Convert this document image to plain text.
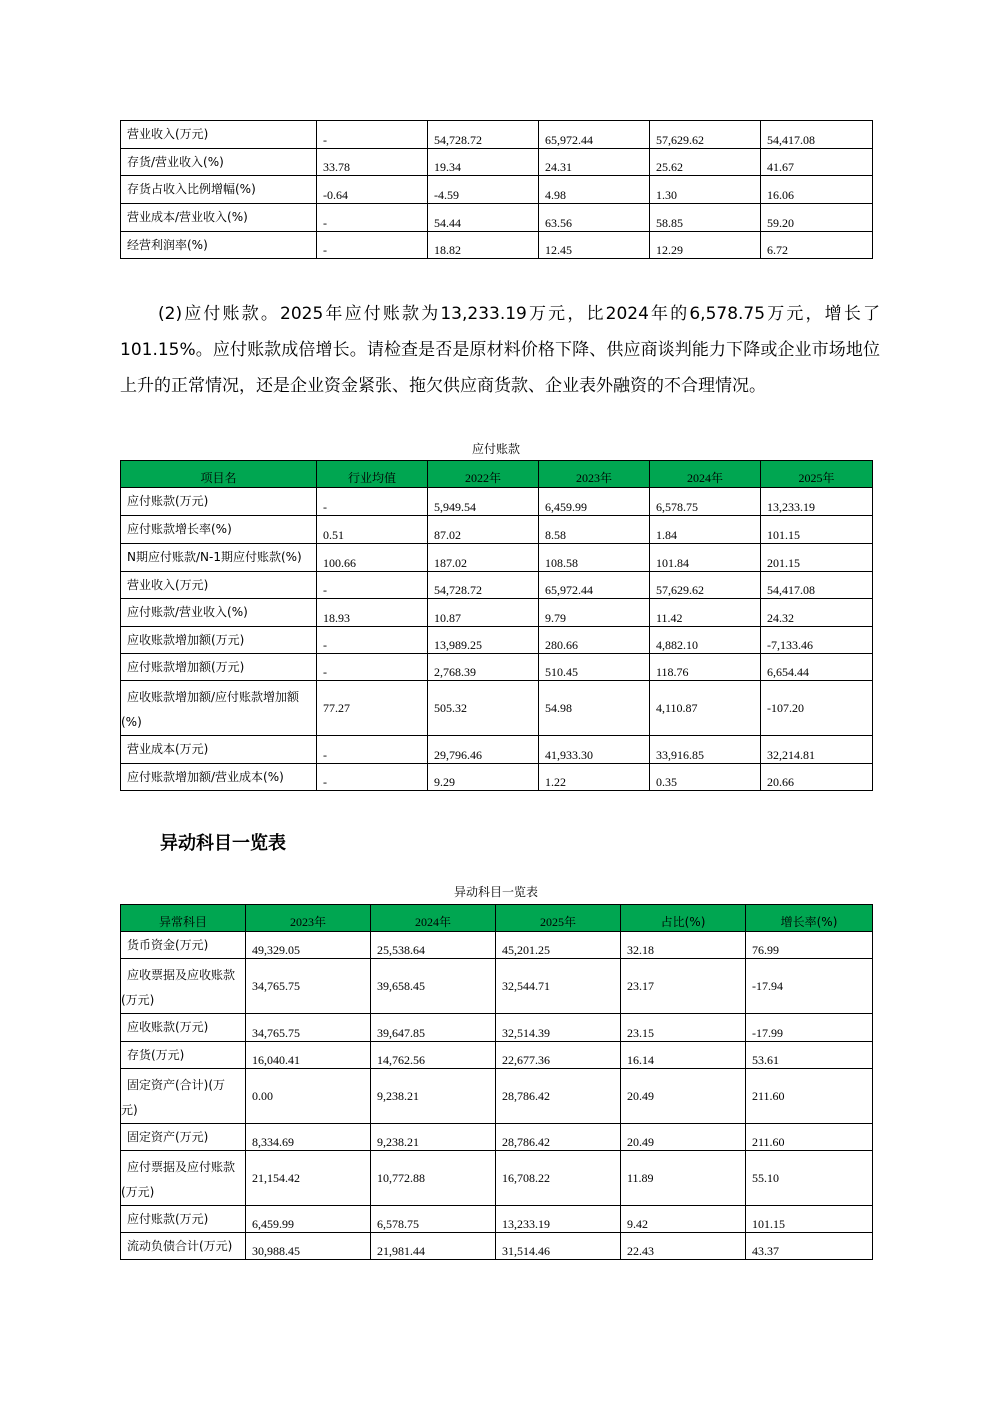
营业收入(万元)	-	54,728.72	65,972.44	57,629.62	54,417.08
存货/营业收入(%)	33.78	19.34	24.31	25.62	41.67
存货占收入比例增幅(%)	-0.64	-4.59	4.98	1.30	16.06
营业成本/营业收入(%)	-	54.44	63.56	58.85	59.20
经营利润率(%)	-	18.82	12.45	12.29	6.72
(2)应付账款。2025年应付账款为13,233.19万元，比2024年的6,578.75万元，增长了101.15%。应付账款成倍增长。请检查是否是原材料价格下降、供应商谈判能力下降或企业市场地位上升的正常情况，还是企业资金紧张、拖欠供应商货款、企业表外融资的不合理情况。
应付账款
项目名	行业均值	2022年	2023年	2024年	2025年
应付账款(万元)	-	5,949.54	6,459.99	6,578.75	13,233.19
应付账款增长率(%)	0.51	87.02	8.58	1.84	101.15
N期应付账款/N-1期应付账款(%)	100.66	187.02	108.58	101.84	201.15
营业收入(万元)	-	54,728.72	65,972.44	57,629.62	54,417.08
应付账款/营业收入(%)	18.93	10.87	9.79	11.42	24.32
应收账款增加额(万元)	-	13,989.25	280.66	4,882.10	-7,133.46
应付账款增加额(万元)	-	2,768.39	510.45	118.76	6,654.44
应收账款增加额/应付账款增加额(%)	77.27	505.32	54.98	4,110.87	-107.20
营业成本(万元)	-	29,796.46	41,933.30	33,916.85	32,214.81
应付账款增加额/营业成本(%)	-	9.29	1.22	0.35	20.66
异动科目一览表
异动科目一览表
异常科目	2023年	2024年	2025年	占比(%)	增长率(%)
货币资金(万元)	49,329.05	25,538.64	45,201.25	32.18	76.99
应收票据及应收账款(万元)	34,765.75	39,658.45	32,544.71	23.17	-17.94
应收账款(万元)	34,765.75	39,647.85	32,514.39	23.15	-17.99
存货(万元)	16,040.41	14,762.56	22,677.36	16.14	53.61
固定资产(合计)(万元)	0.00	9,238.21	28,786.42	20.49	211.60
固定资产(万元)	8,334.69	9,238.21	28,786.42	20.49	211.60
应付票据及应付账款(万元)	21,154.42	10,772.88	16,708.22	11.89	55.10
应付账款(万元)	6,459.99	6,578.75	13,233.19	9.42	101.15
流动负债合计(万元)	30,988.45	21,981.44	31,514.46	22.43	43.37
